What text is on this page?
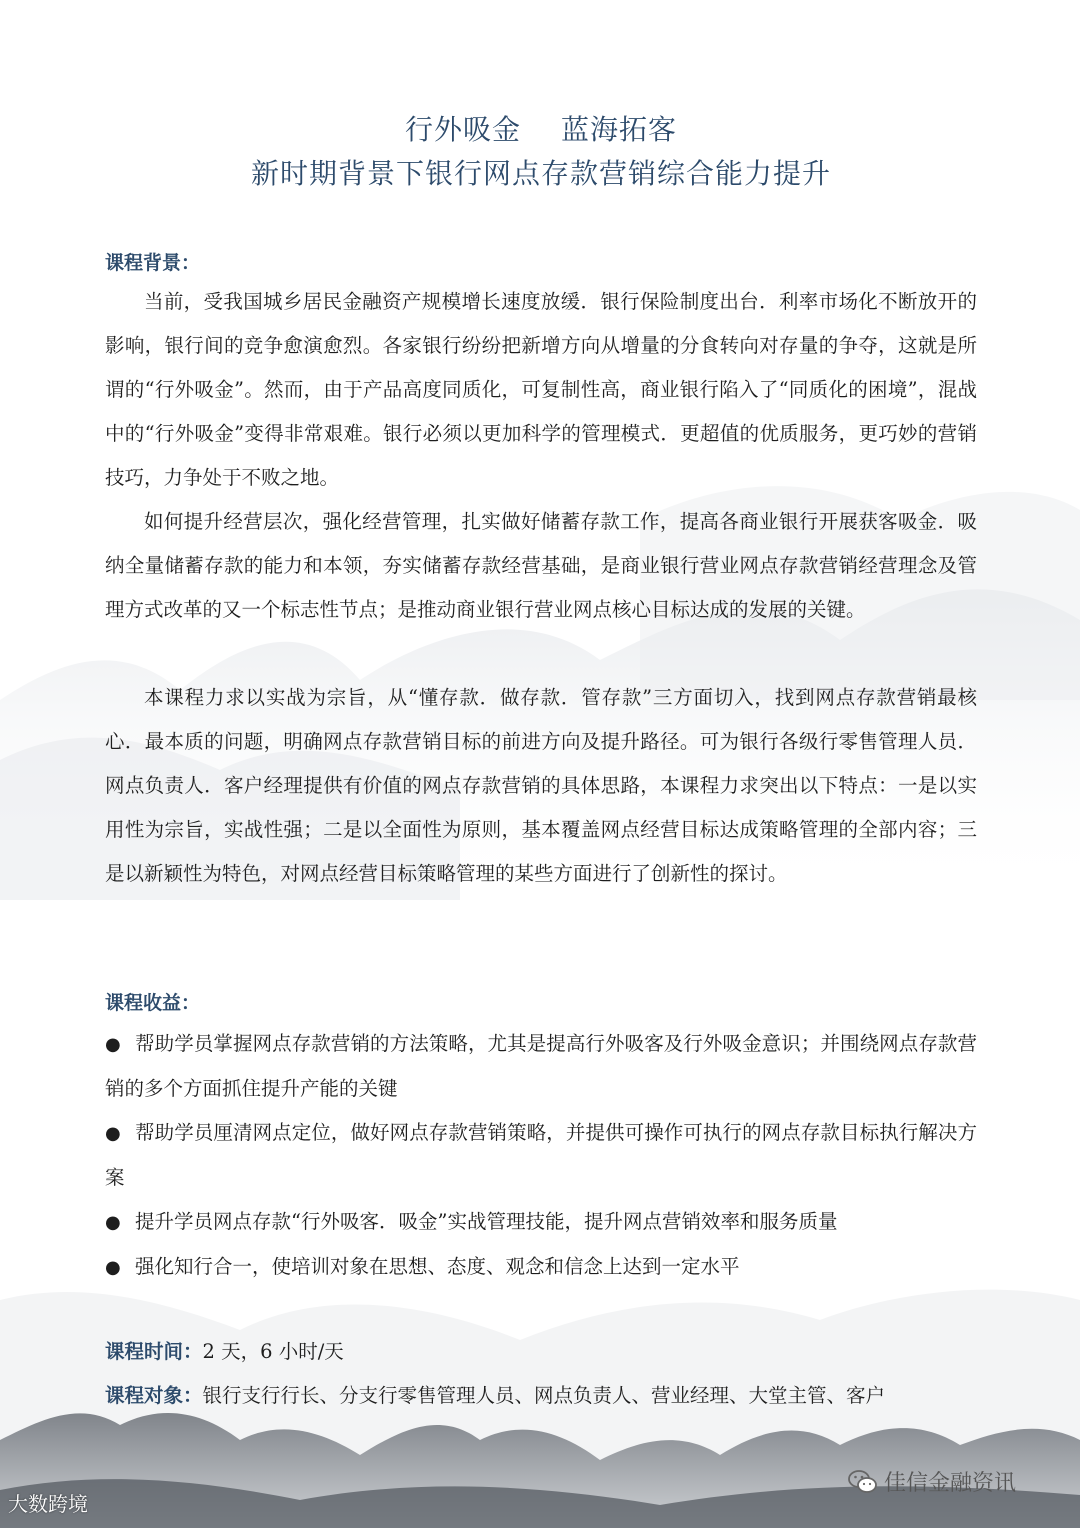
行外吸金 蓝海拓客
新时期背景下银行网点存款营销综合能力提升
课程背景：

当前，受我国城乡居民金融资产规模增长速度放缓．银行保险制度出台．利率市场化不断放开的影响，银行间的竞争愈演愈烈。各家银行纷纷把新增方向从增量的分食转向对存量的争夺，这就是所谓的“行外吸金”。然而，由于产品高度同质化，可复制性高，商业银行陷入了“同质化的困境”，混战中的“行外吸金”变得非常艰难。银行必须以更加科学的管理模式．更超值的优质服务，更巧妙的营销技巧，力争处于不败之地。

如何提升经营层次，强化经营管理，扎实做好储蓄存款工作，提高各商业银行开展获客吸金．吸纳全量储蓄存款的能力和本领，夯实储蓄存款经营基础，是商业银行营业网点存款营销经营理念及管理方式改革的又一个标志性节点；是推动商业银行营业网点核心目标达成的发展的关键。

本课程力求以实战为宗旨，从“懂存款．做存款．管存款”三方面切入，找到网点存款营销最核心．最本质的问题，明确网点存款营销目标的前进方向及提升路径。可为银行各级行零售管理人员．网点负责人．客户经理提供有价值的网点存款营销的具体思路，本课程力求突出以下特点：一是以实用性为宗旨，实战性强；二是以全面性为原则，基本覆盖网点经营目标达成策略管理的全部内容；三是以新颖性为特色，对网点经营目标策略管理的某些方面进行了创新性的探讨。

课程收益：
● 帮助学员掌握网点存款营销的方法策略，尤其是提高行外吸客及行外吸金意识；并围绕网点存款营销的多个方面抓住提升产能的关键
● 帮助学员厘清网点定位，做好网点存款营销策略，并提供可操作可执行的网点存款目标执行解决方案
● 提升学员网点存款“行外吸客．吸金”实战管理技能，提升网点营销效率和服务质量
● 强化知行合一，使培训对象在思想、态度、观念和信念上达到一定水平
课程时间：2 天，6 小时/天
课程对象：银行支行行长、分支行零售管理人员、网点负责人、营业经理、大堂主管、客户
大数跨境
佳信金融资讯
